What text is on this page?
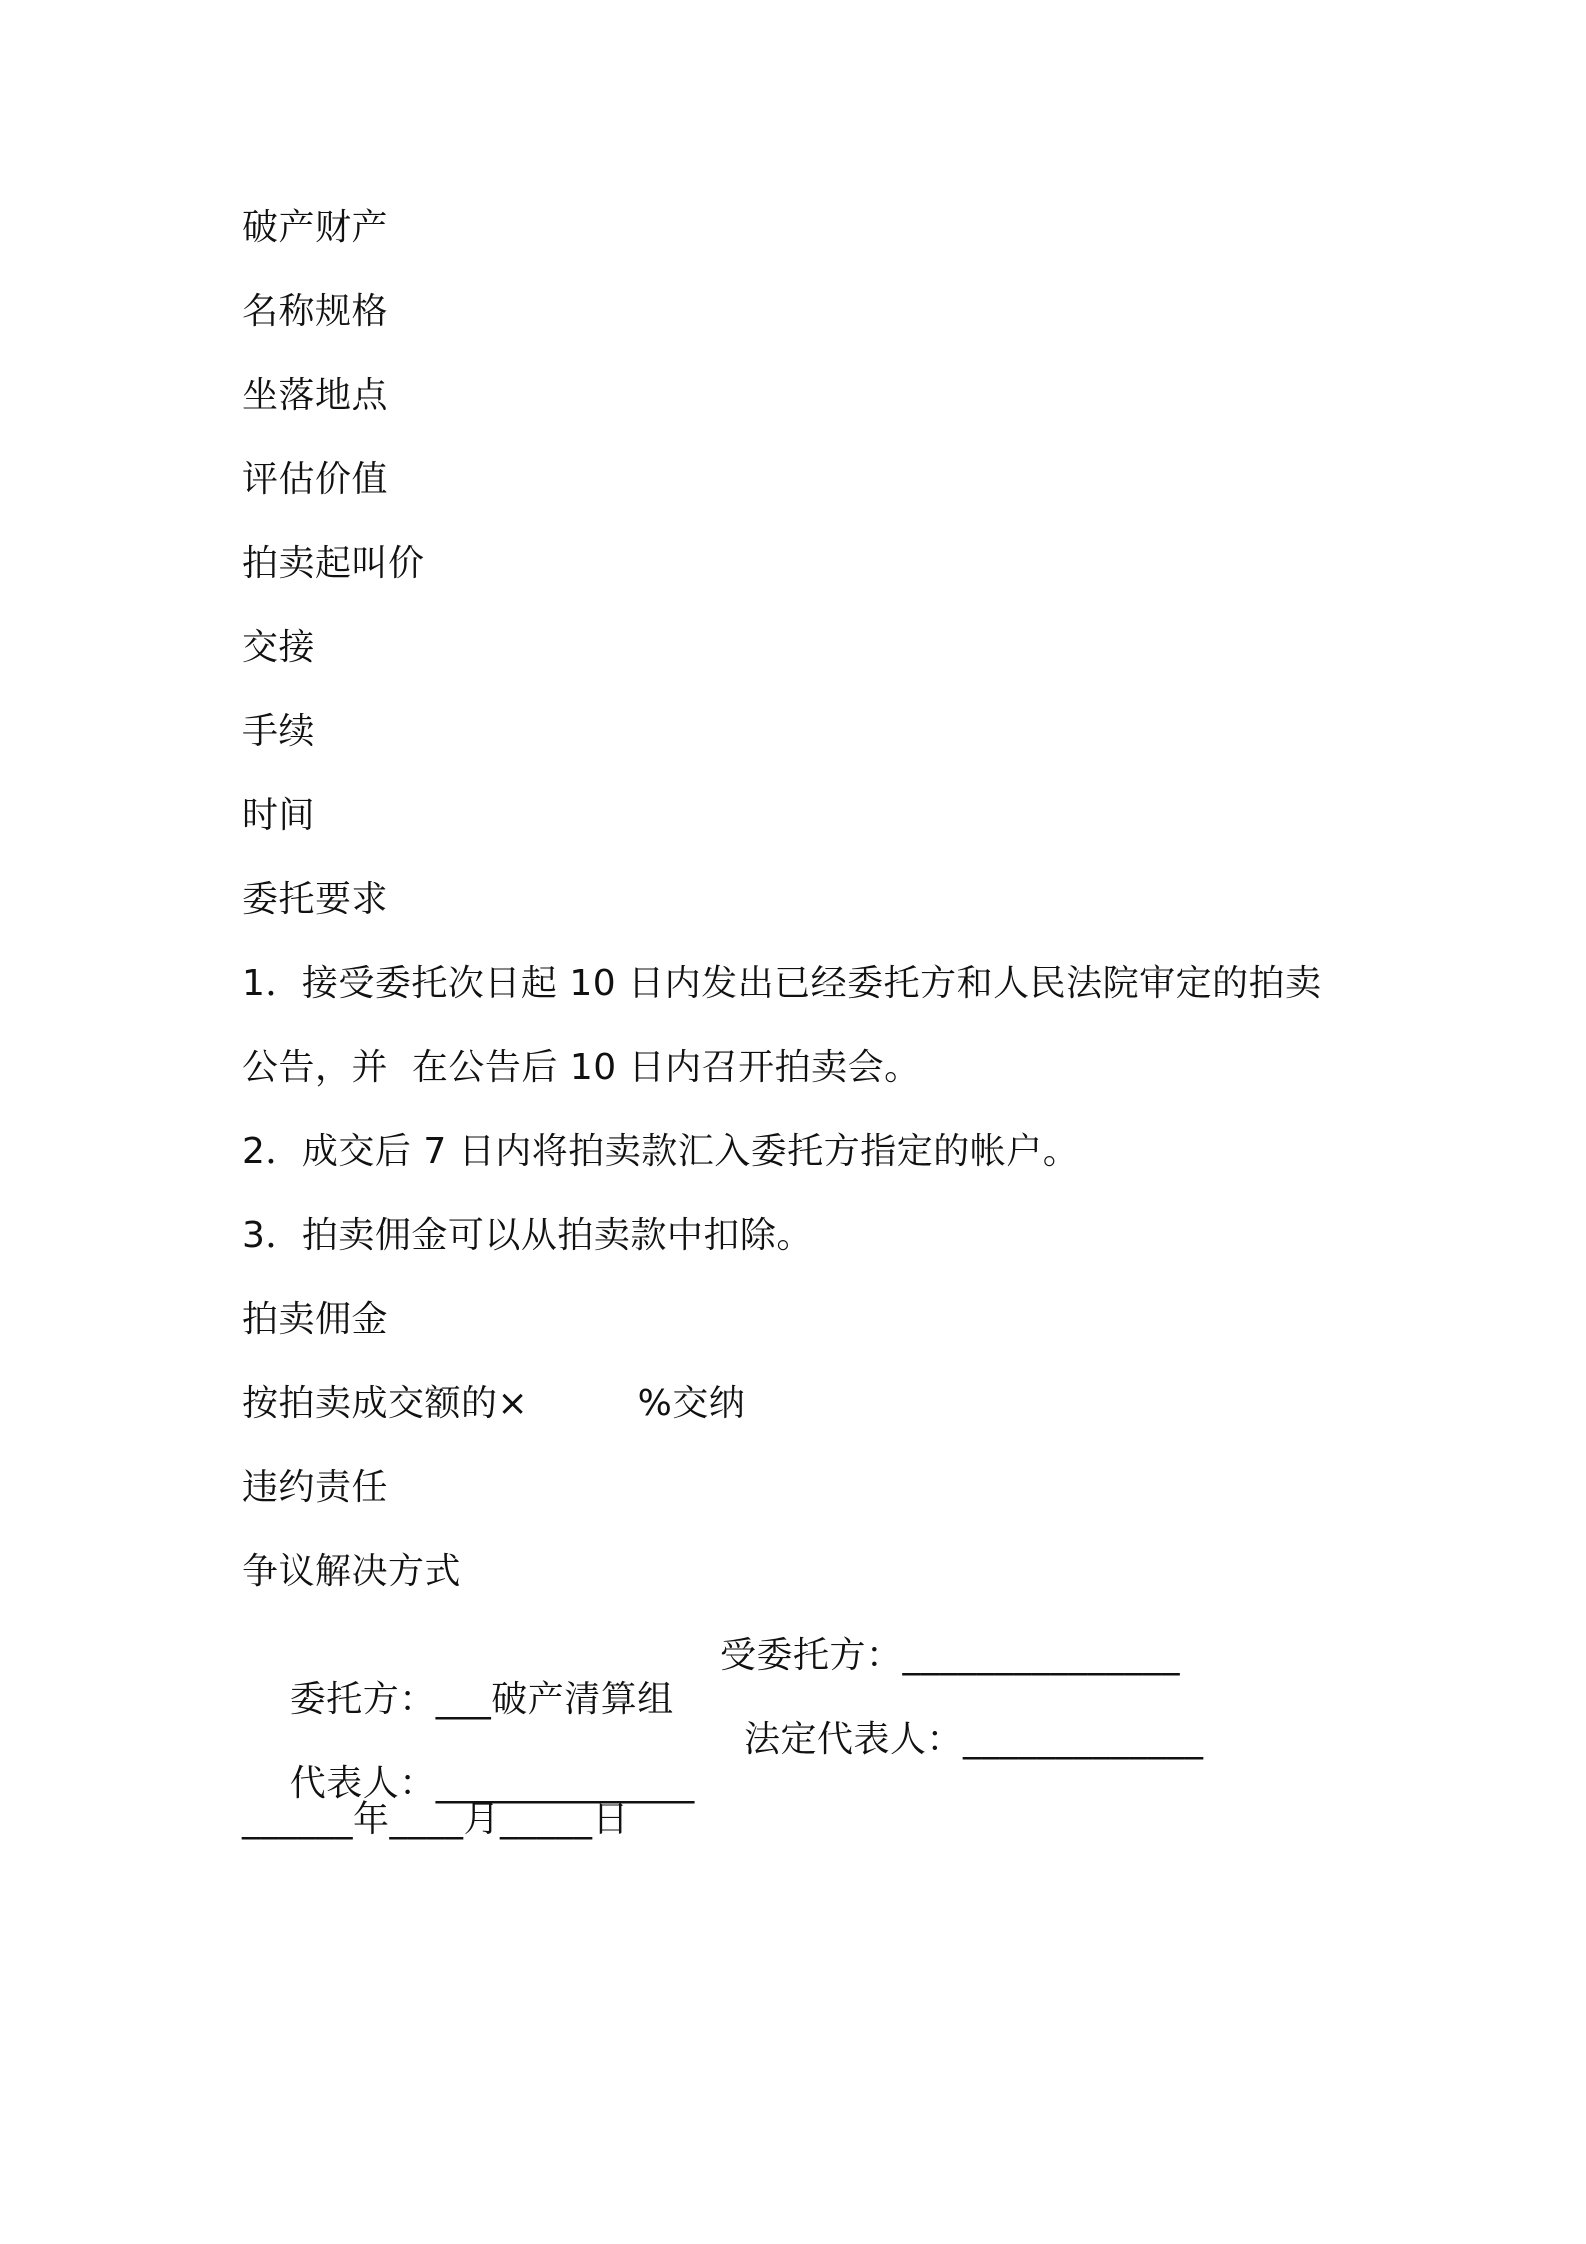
破产财产
名称规格
坐落地点
评估价值
拍卖起叫价
交接
手续
时间
委托要求
1．接受委托次日起 10 日内发出已经委托方和人民法院审定的拍卖
公告，并  在公告后 10 日内召开拍卖会。
2．成交后 7 日内将拍卖款汇入委托方指定的帐户。
3．拍卖佣金可以从拍卖款中扣除。
拍卖佣金
按拍卖成交额的×　　　%交纳
违约责任
争议解决方式

委托方：___破产清算组

受委托方：_______________

代表人：______________

法定代表人：_____________

______年____月_____日
